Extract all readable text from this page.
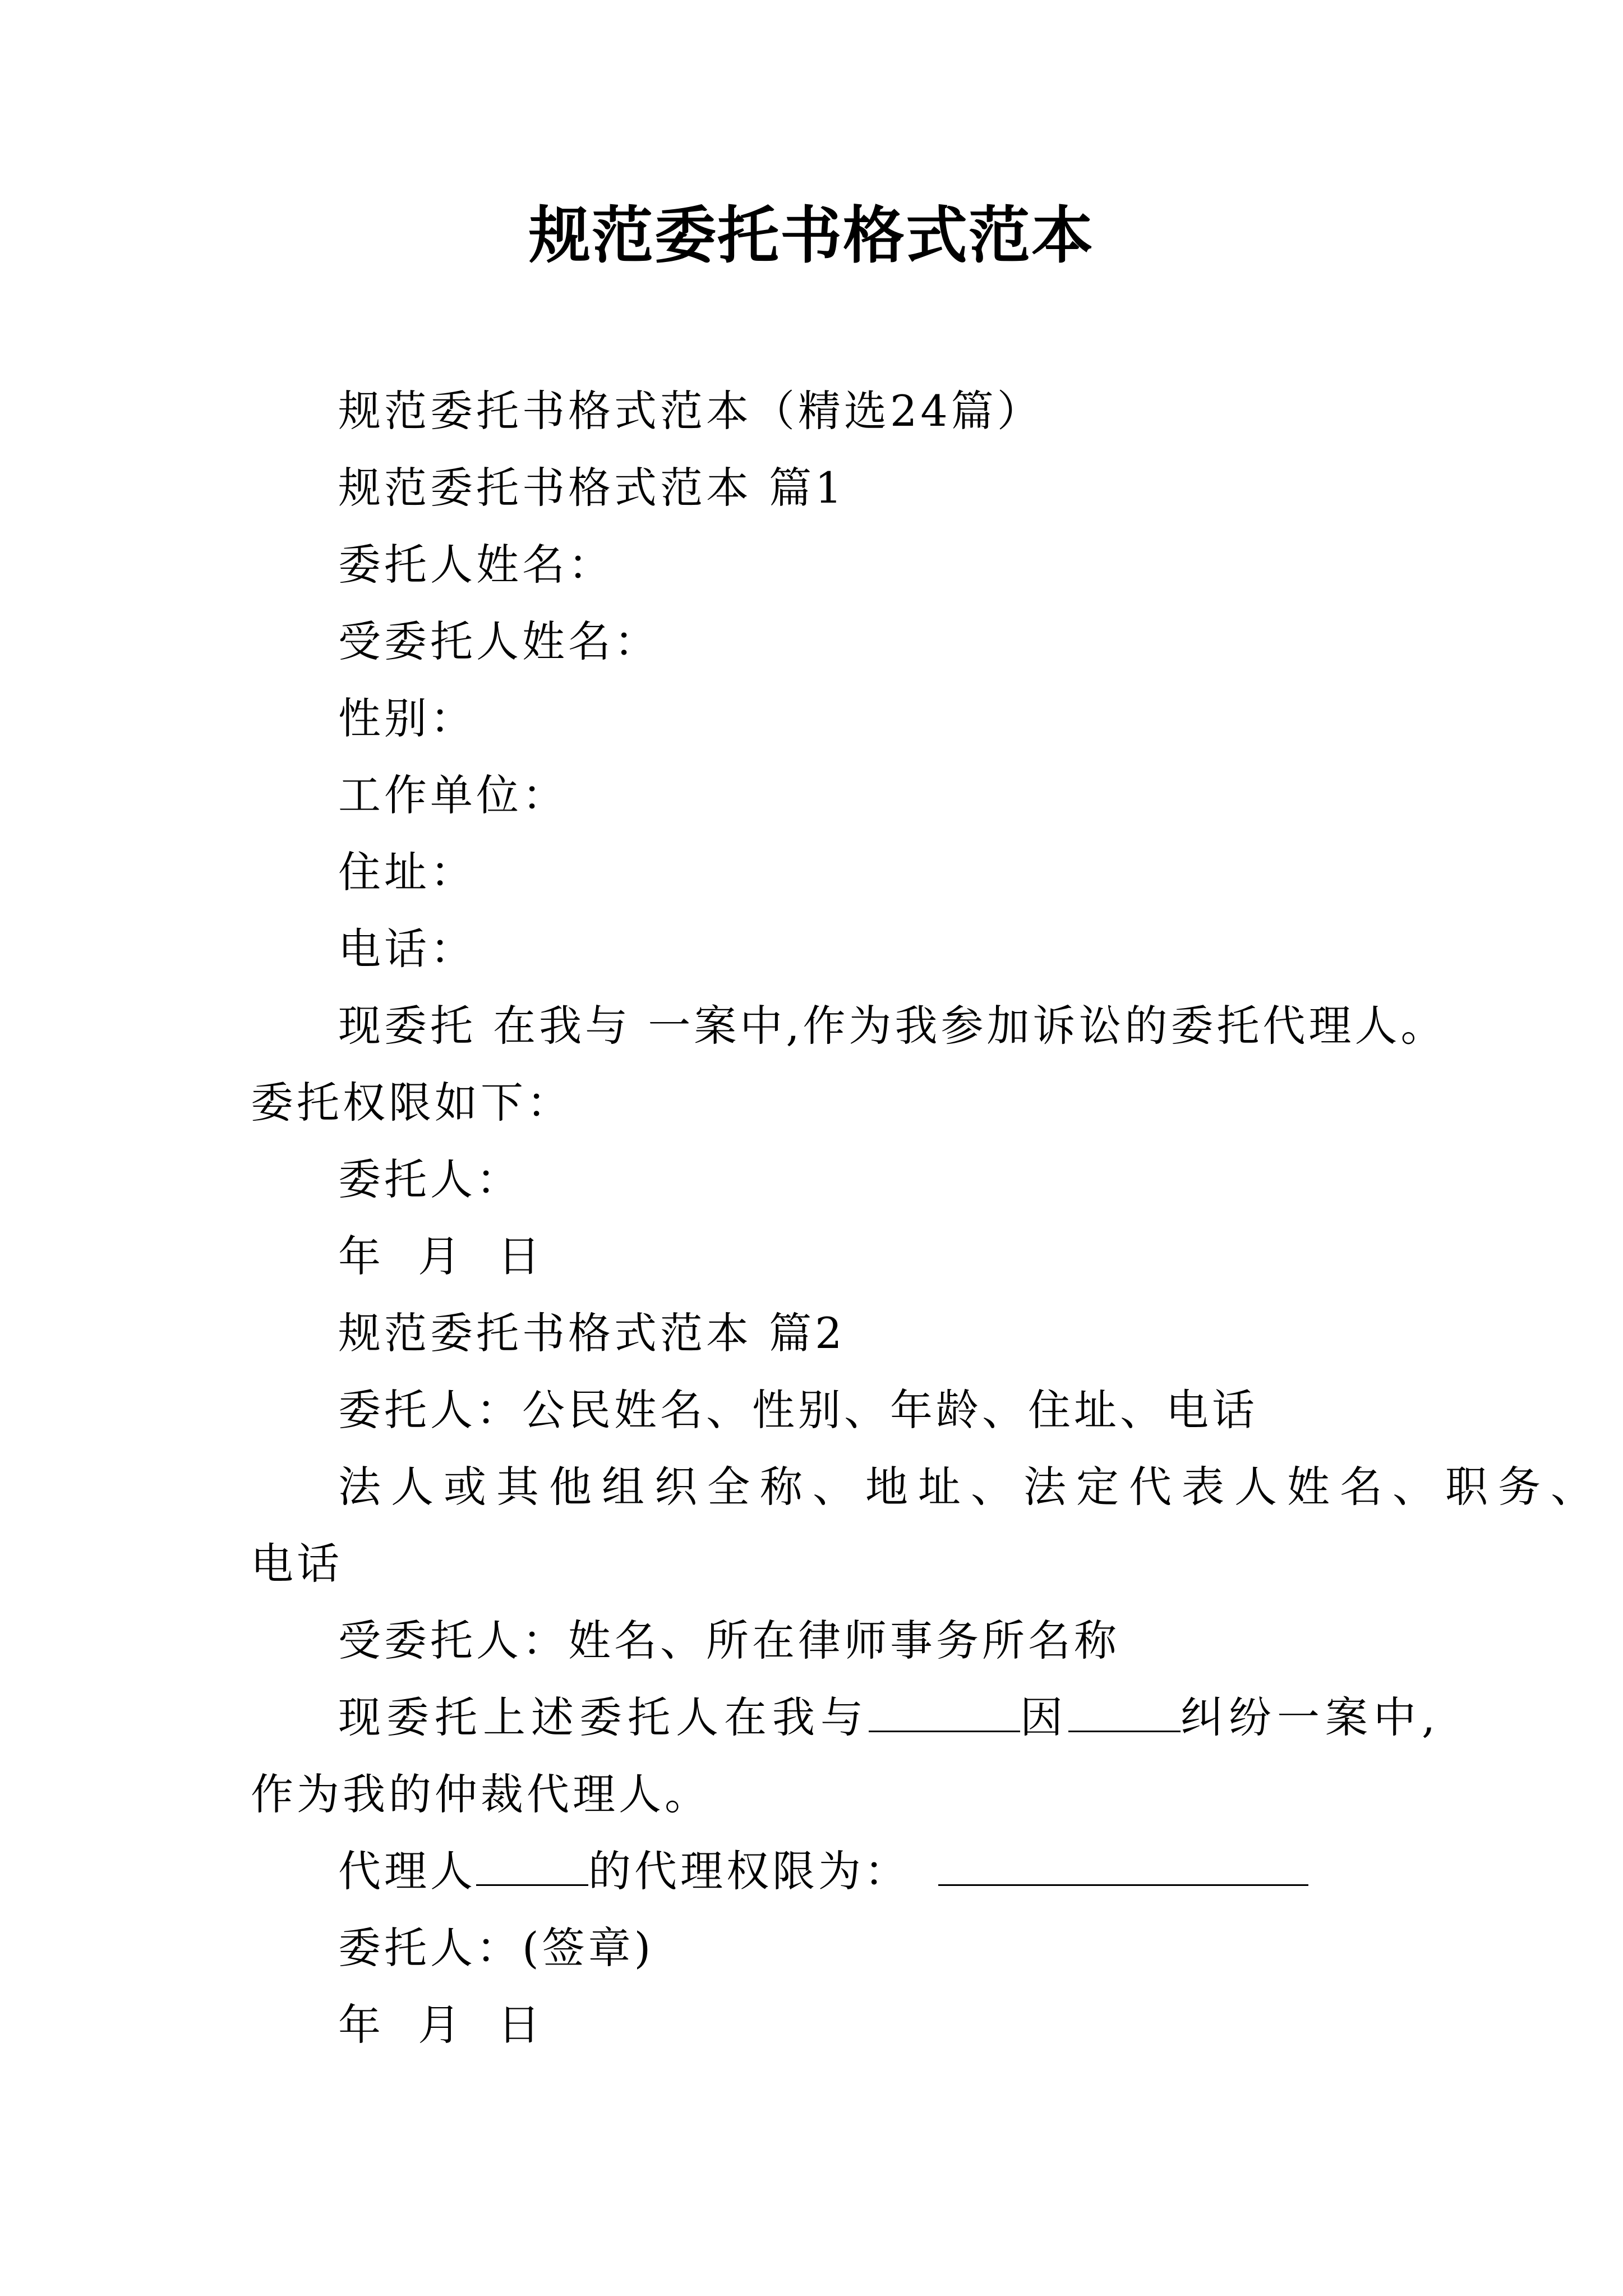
规范委托书格式范本
规范委托书格式范本（精选24篇）
规范委托书格式范本 篇1
委托人姓名：
受委托人姓名：
性别：
工作单位：
住址：
电话：
现委托 在我与 一案中,作为我参加诉讼的委托代理人。
委托权限如下：
委托人：
年 月 日
规范委托书格式范本 篇2
委托人：公民姓名、性别、年龄、住址、电话
法人或其他组织全称、地址、法定代表人姓名、职务、
电话
受委托人：姓名、所在律师事务所名称
现委托上述委托人在我与	因	纠纷一案中,
作为我的仲裁代理人。
代理人	的代理权限为：
委托人：(签章)
年 月 日
